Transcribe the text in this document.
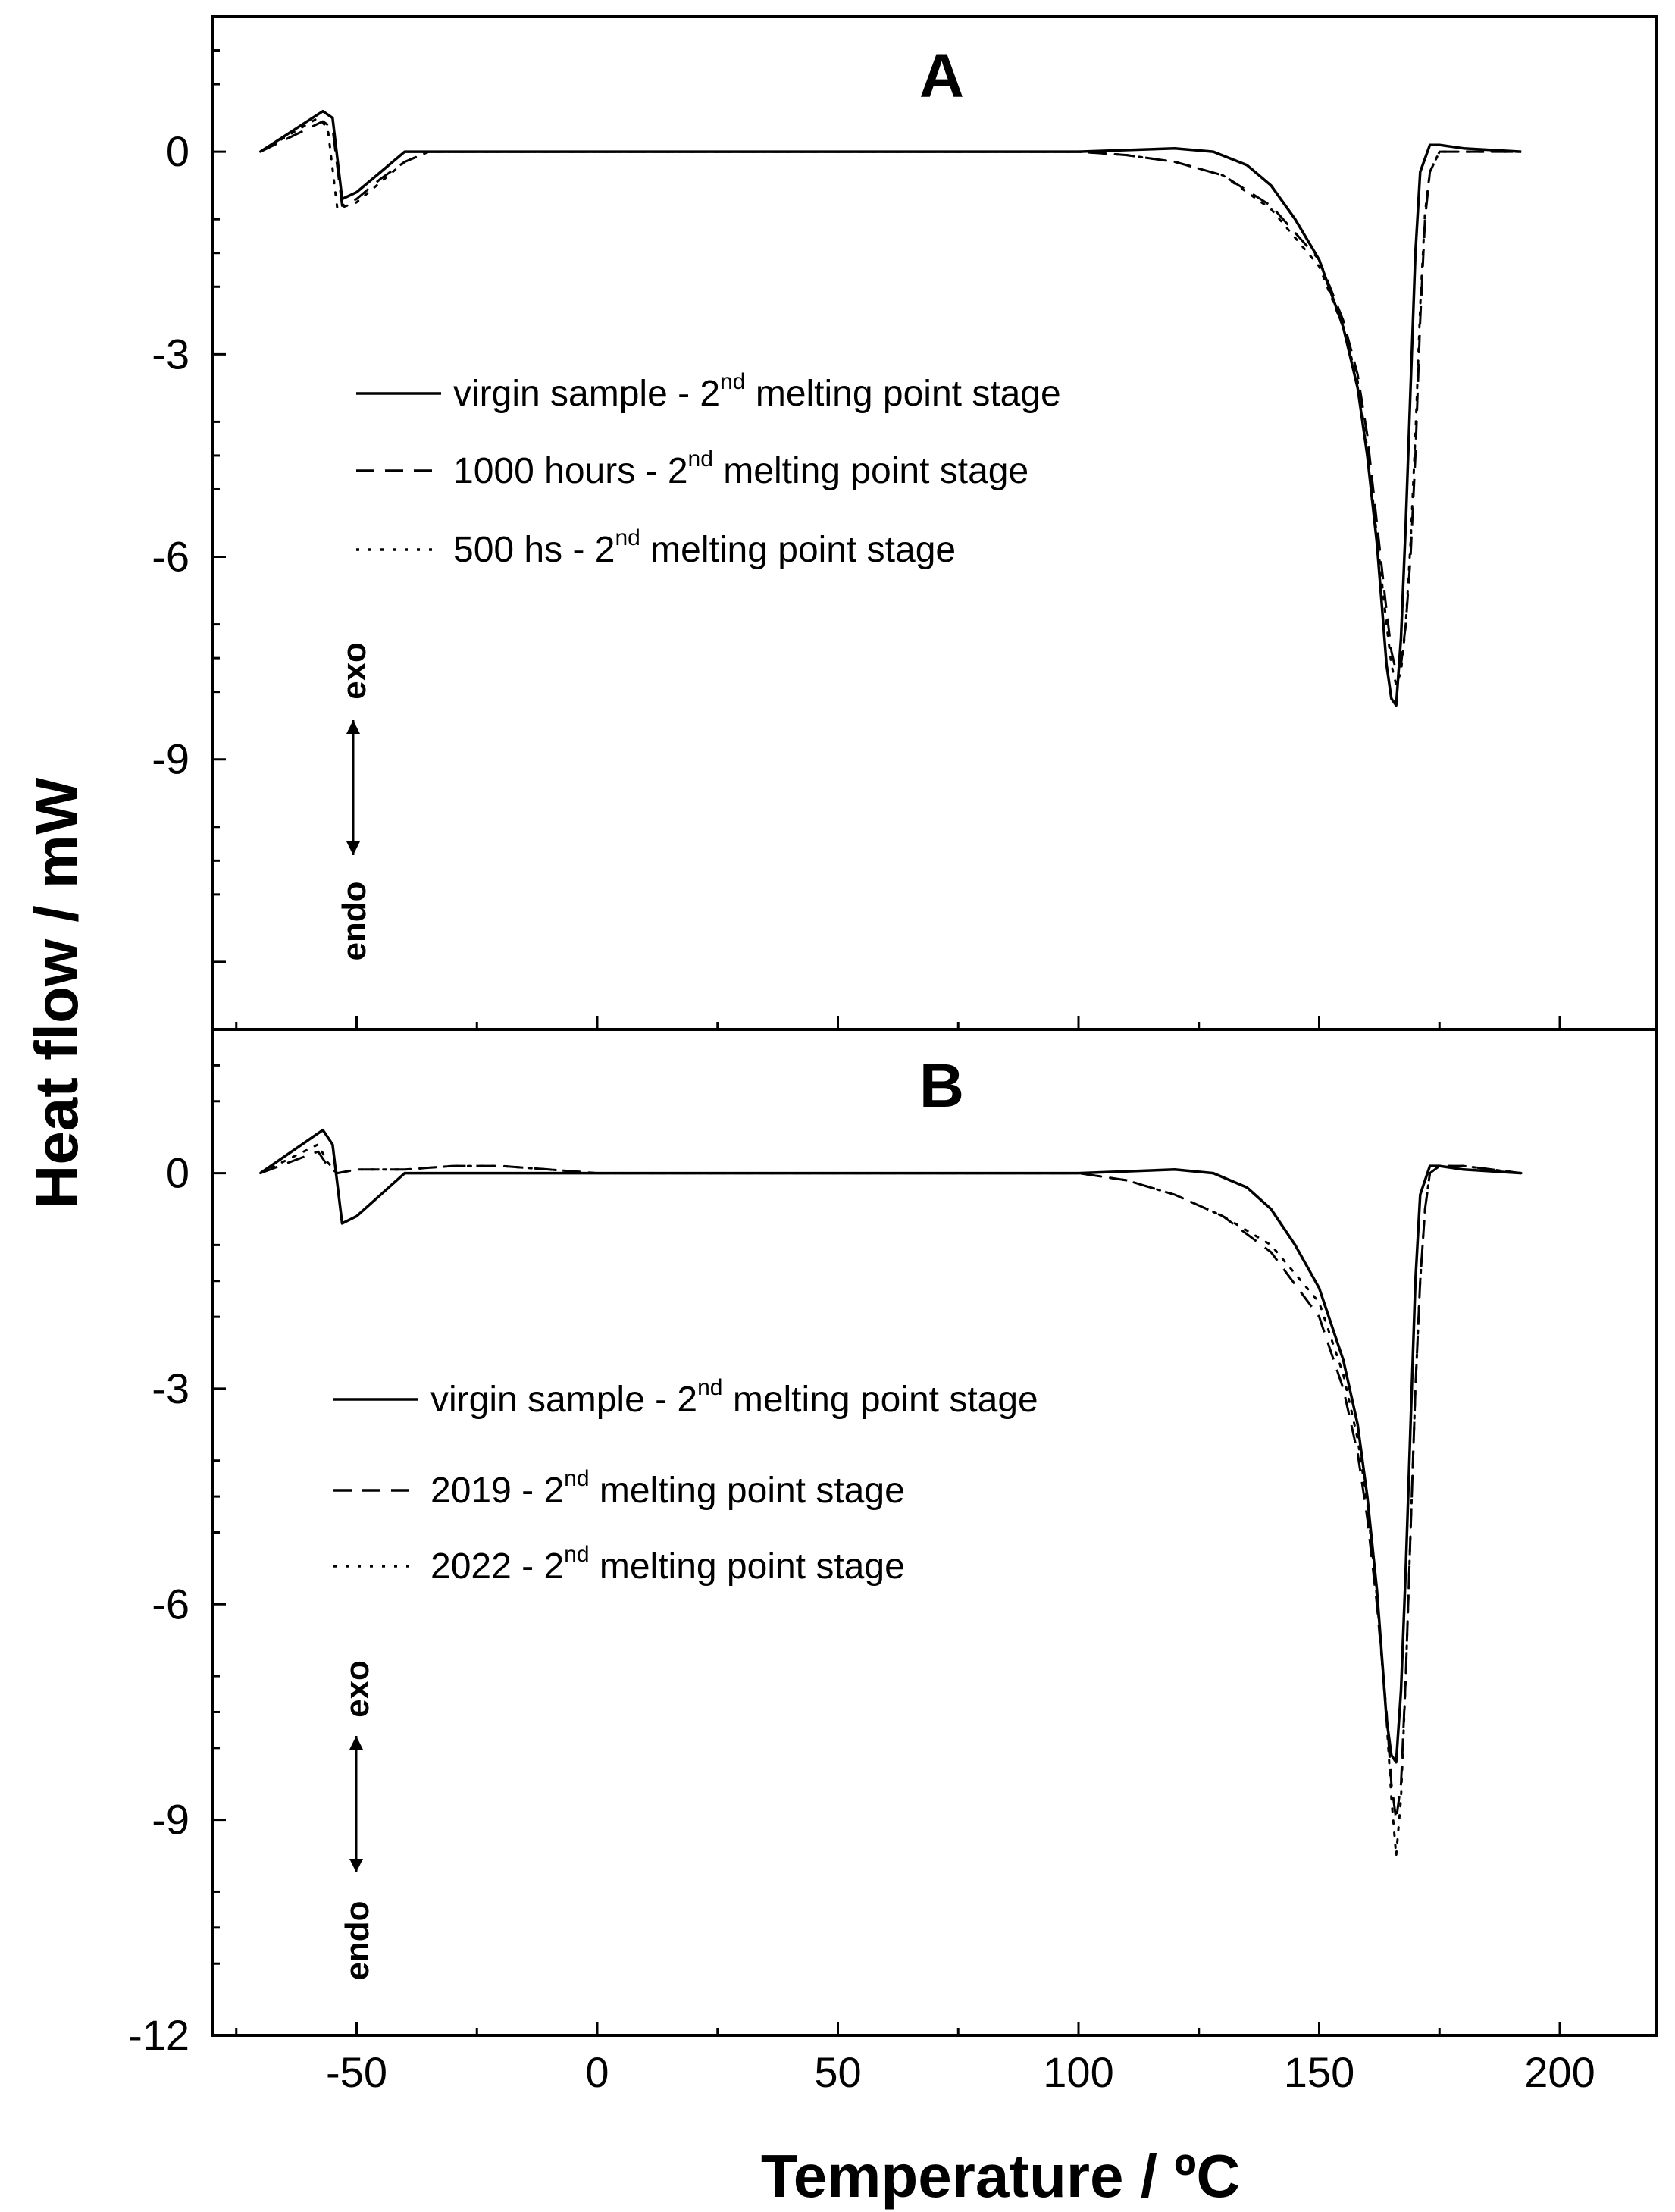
A
0
-3
-6
-9
virgin sample - 2nd melting point stage
1000 hours - 2nd melting point stage
500 hs - 2nd melting point stage
exo
endo
B
0
-3
-6
-9
-12
-50	0	50	100	150	200
virgin sample - 2nd melting point stage
2019 - 2nd melting point stage
2022 - 2nd melting point stage
exo
endo
Heat flow / mW
Temperature / ºC
